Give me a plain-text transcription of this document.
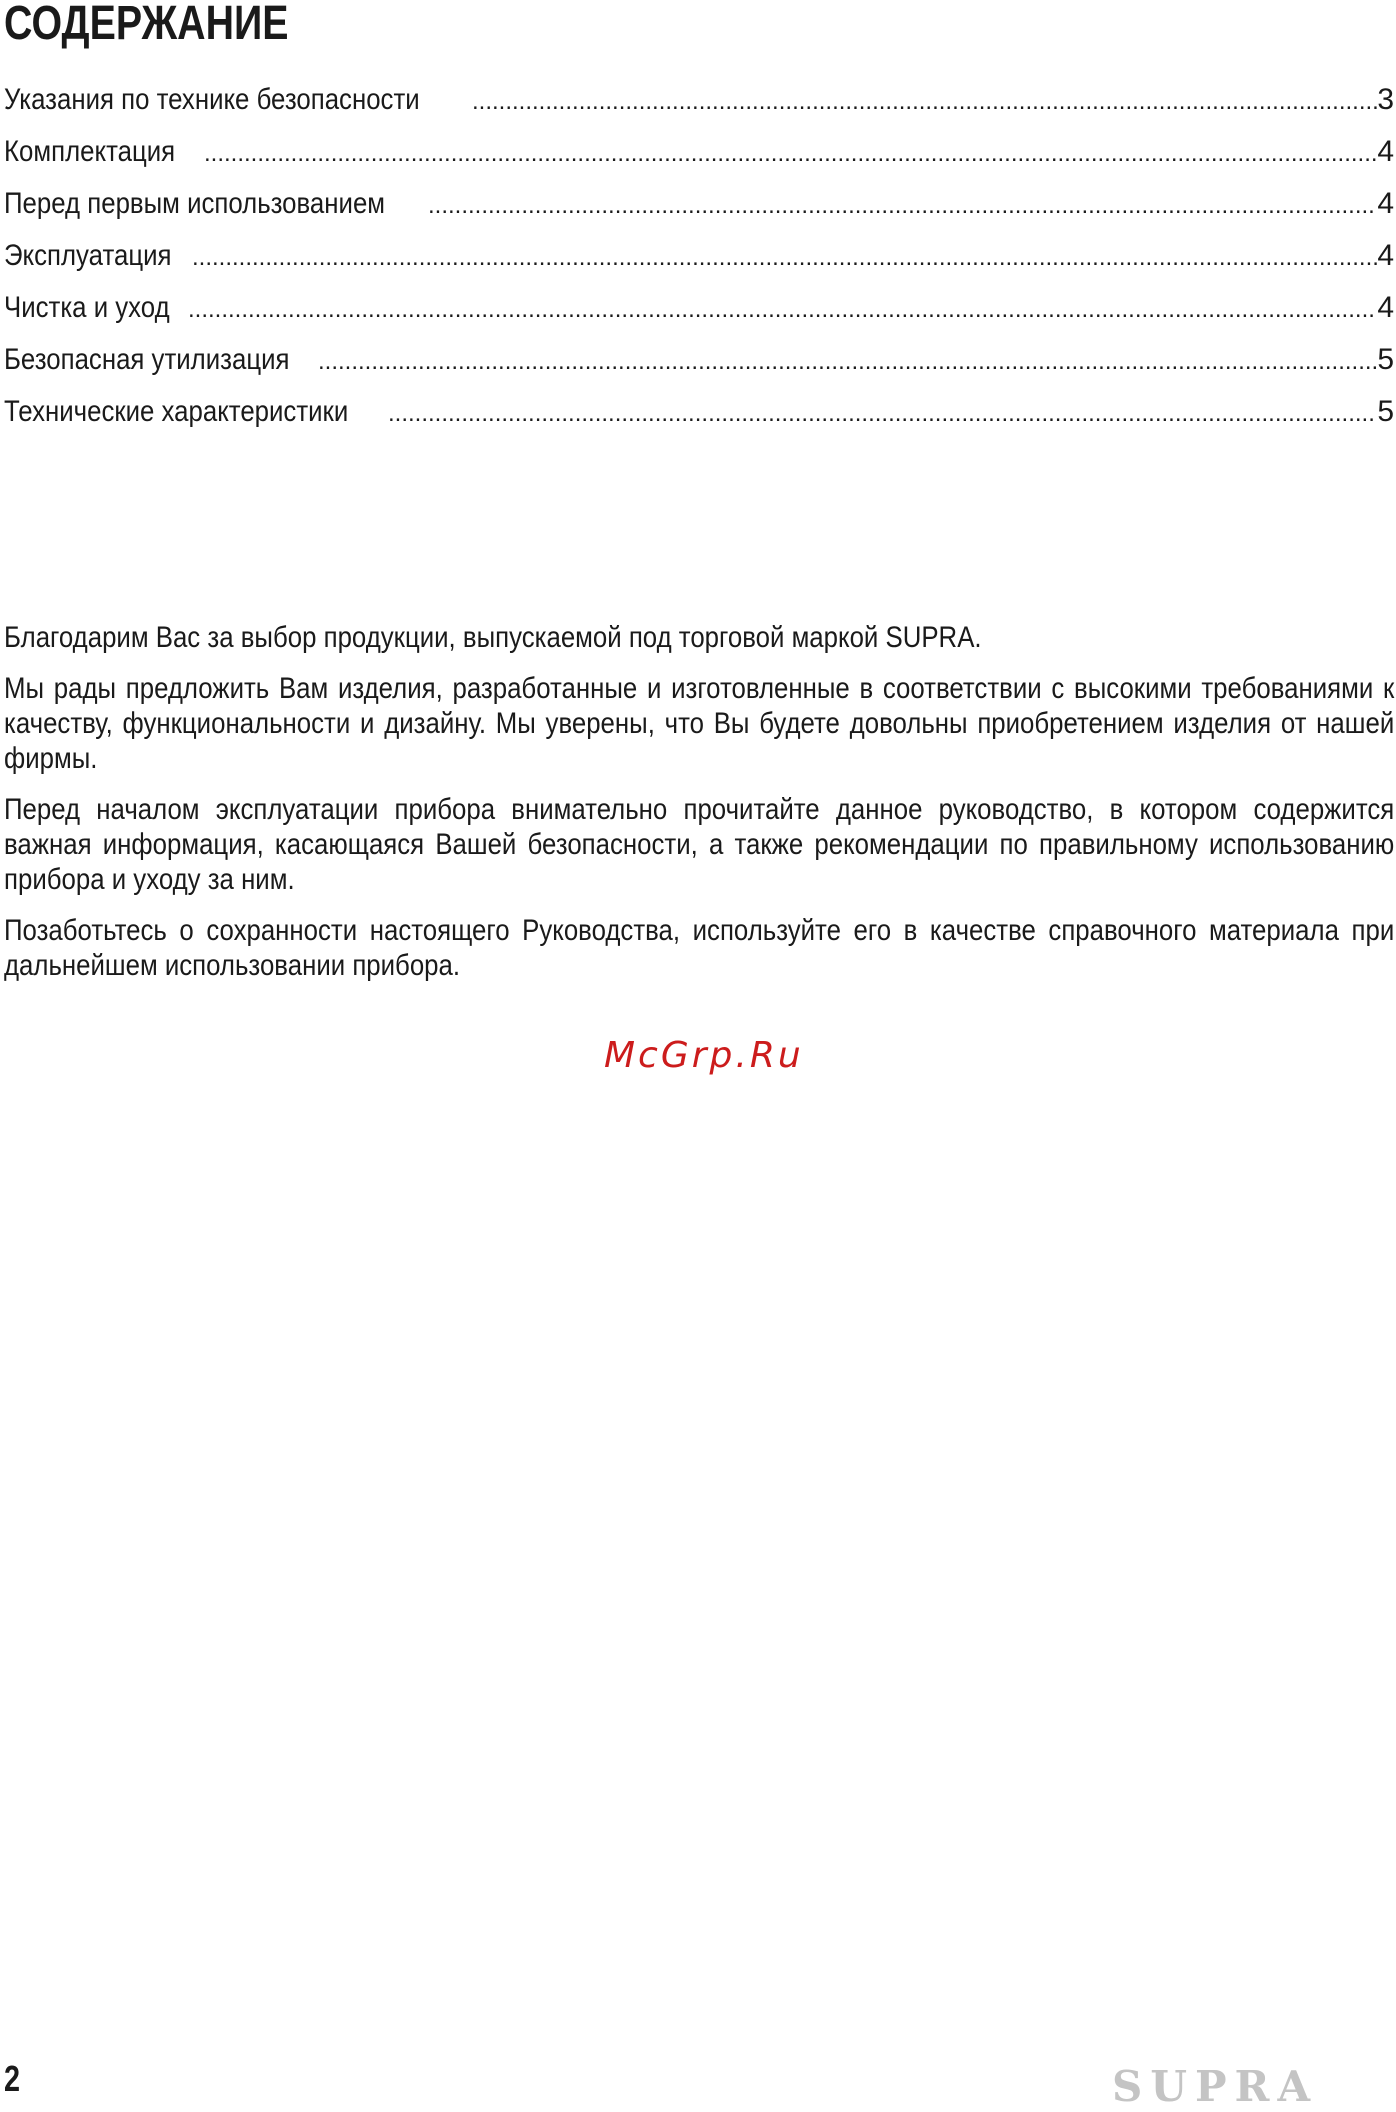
СОДЕРЖАНИЕ
Указания по технике безопасности .....	3
Комплектация .....	4
Перед первым использованием .....	4
Эксплуатация .....	4
Чистка и уход .....	4
Безопасная утилизация .....	5
Технические характеристики .....	5

Благодарим Вас за выбор продукции, выпускаемой под торговой маркой SUPRA.

Мы рады предложить Вам изделия, разработанные и изготовленные в соответствии с высокими требованиями к качеству, функциональности и дизайну. Мы уверены, что Вы будете довольны приобретением изделия от нашей фирмы.

Перед началом эксплуатации прибора внимательно прочитайте данное руководство, в котором содержится важная информация, касающаяся Вашей безопасности, а также рекомендации по правильному использованию прибора и уходу за ним.

Позаботьтесь о сохранности настоящего Руководства, используйте его в качестве справочного материала при дальнейшем использовании прибора.

McGrp.Ru
2	SUPRA
